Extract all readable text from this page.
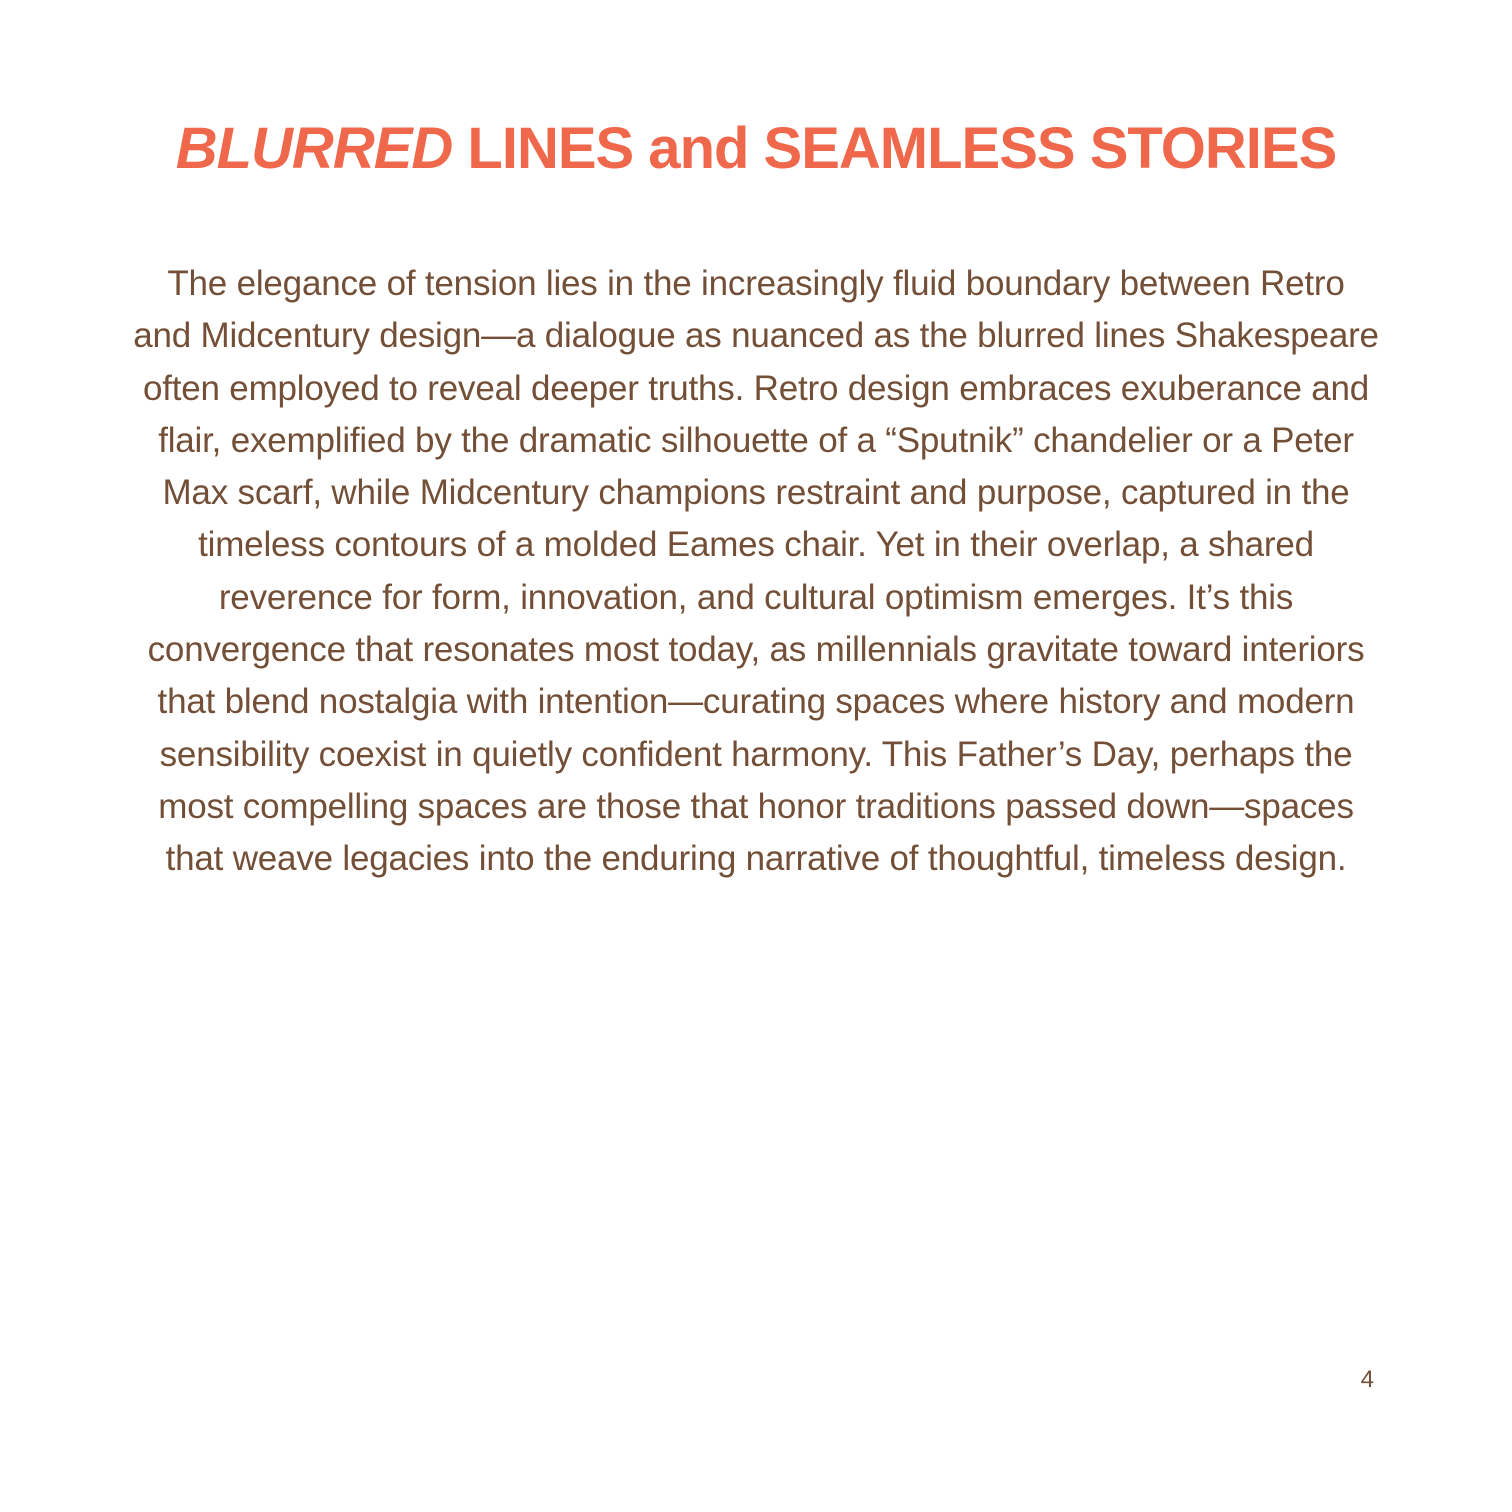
BLURRED LINES and SEAMLESS STORIES
The elegance of tension lies in the increasingly fluid boundary between Retro
and Midcentury design—a dialogue as nuanced as the blurred lines Shakespeare
often employed to reveal deeper truths. Retro design embraces exuberance and
flair, exemplified by the dramatic silhouette of a “Sputnik” chandelier or a Peter
Max scarf, while Midcentury champions restraint and purpose, captured in the
timeless contours of a molded Eames chair. Yet in their overlap, a shared
reverence for form, innovation, and cultural optimism emerges. It’s this
convergence that resonates most today, as millennials gravitate toward interiors
that blend nostalgia with intention—curating spaces where history and modern
sensibility coexist in quietly confident harmony. This Father’s Day, perhaps the
most compelling spaces are those that honor traditions passed down—spaces
that weave legacies into the enduring narrative of thoughtful, timeless design.
4
